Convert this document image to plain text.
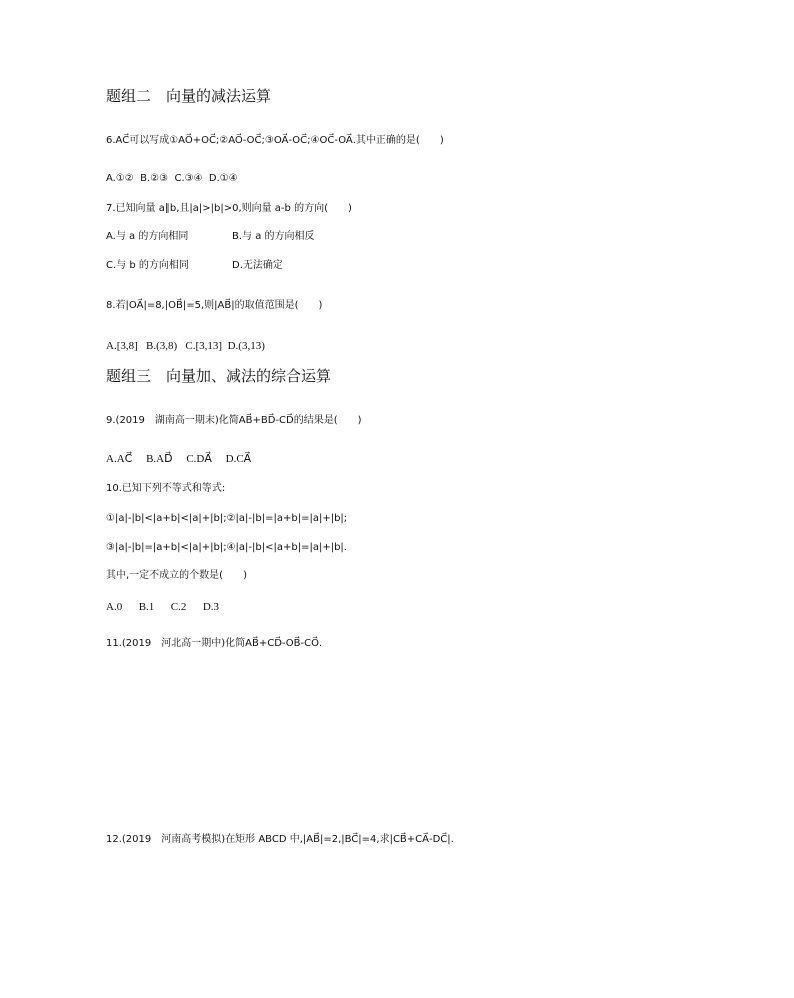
题组二　向量的减法运算
6.AC⃗可以写成①AO⃗+OC⃗;②AO⃗-OC⃗;③OA⃗-OC⃗;④OC⃗-OA⃗.其中正确的是(　　)
A.①②  B.②③  C.③④  D.①④
7.已知向量 a∥b,且|a|>|b|>0,则向量 a-b 的方向(　　)
A.与 a 的方向相同	B.与 a 的方向相反
C.与 b 的方向相同	D.无法确定
8.若|OA⃗|=8,|OB⃗|=5,则|AB⃗|的取值范围是(　　)
A.[3,8]   B.(3,8)   C.[3,13]  D.(3,13)
题组三　向量加、减法的综合运算
9.(2019　湖南高一期末)化简AB⃗+BD⃗-CD⃗的结果是(　　)
A.AC⃗     B.AD⃗     C.DA⃗     D.CA⃗
10.已知下列不等式和等式:
①|a|-|b|<|a+b|<|a|+|b|;②|a|-|b|=|a+b|=|a|+|b|;
③|a|-|b|=|a+b|<|a|+|b|;④|a|-|b|<|a+b|=|a|+|b|.
其中,一定不成立的个数是(　　)
A.0      B.1      C.2      D.3
11.(2019　河北高一期中)化简AB⃗+CD⃗-OB⃗-CO⃗.
12.(2019　河南高考模拟)在矩形 ABCD 中,|AB⃗|=2,|BC⃗|=4,求|CB⃗+CA⃗-DC⃗|.
